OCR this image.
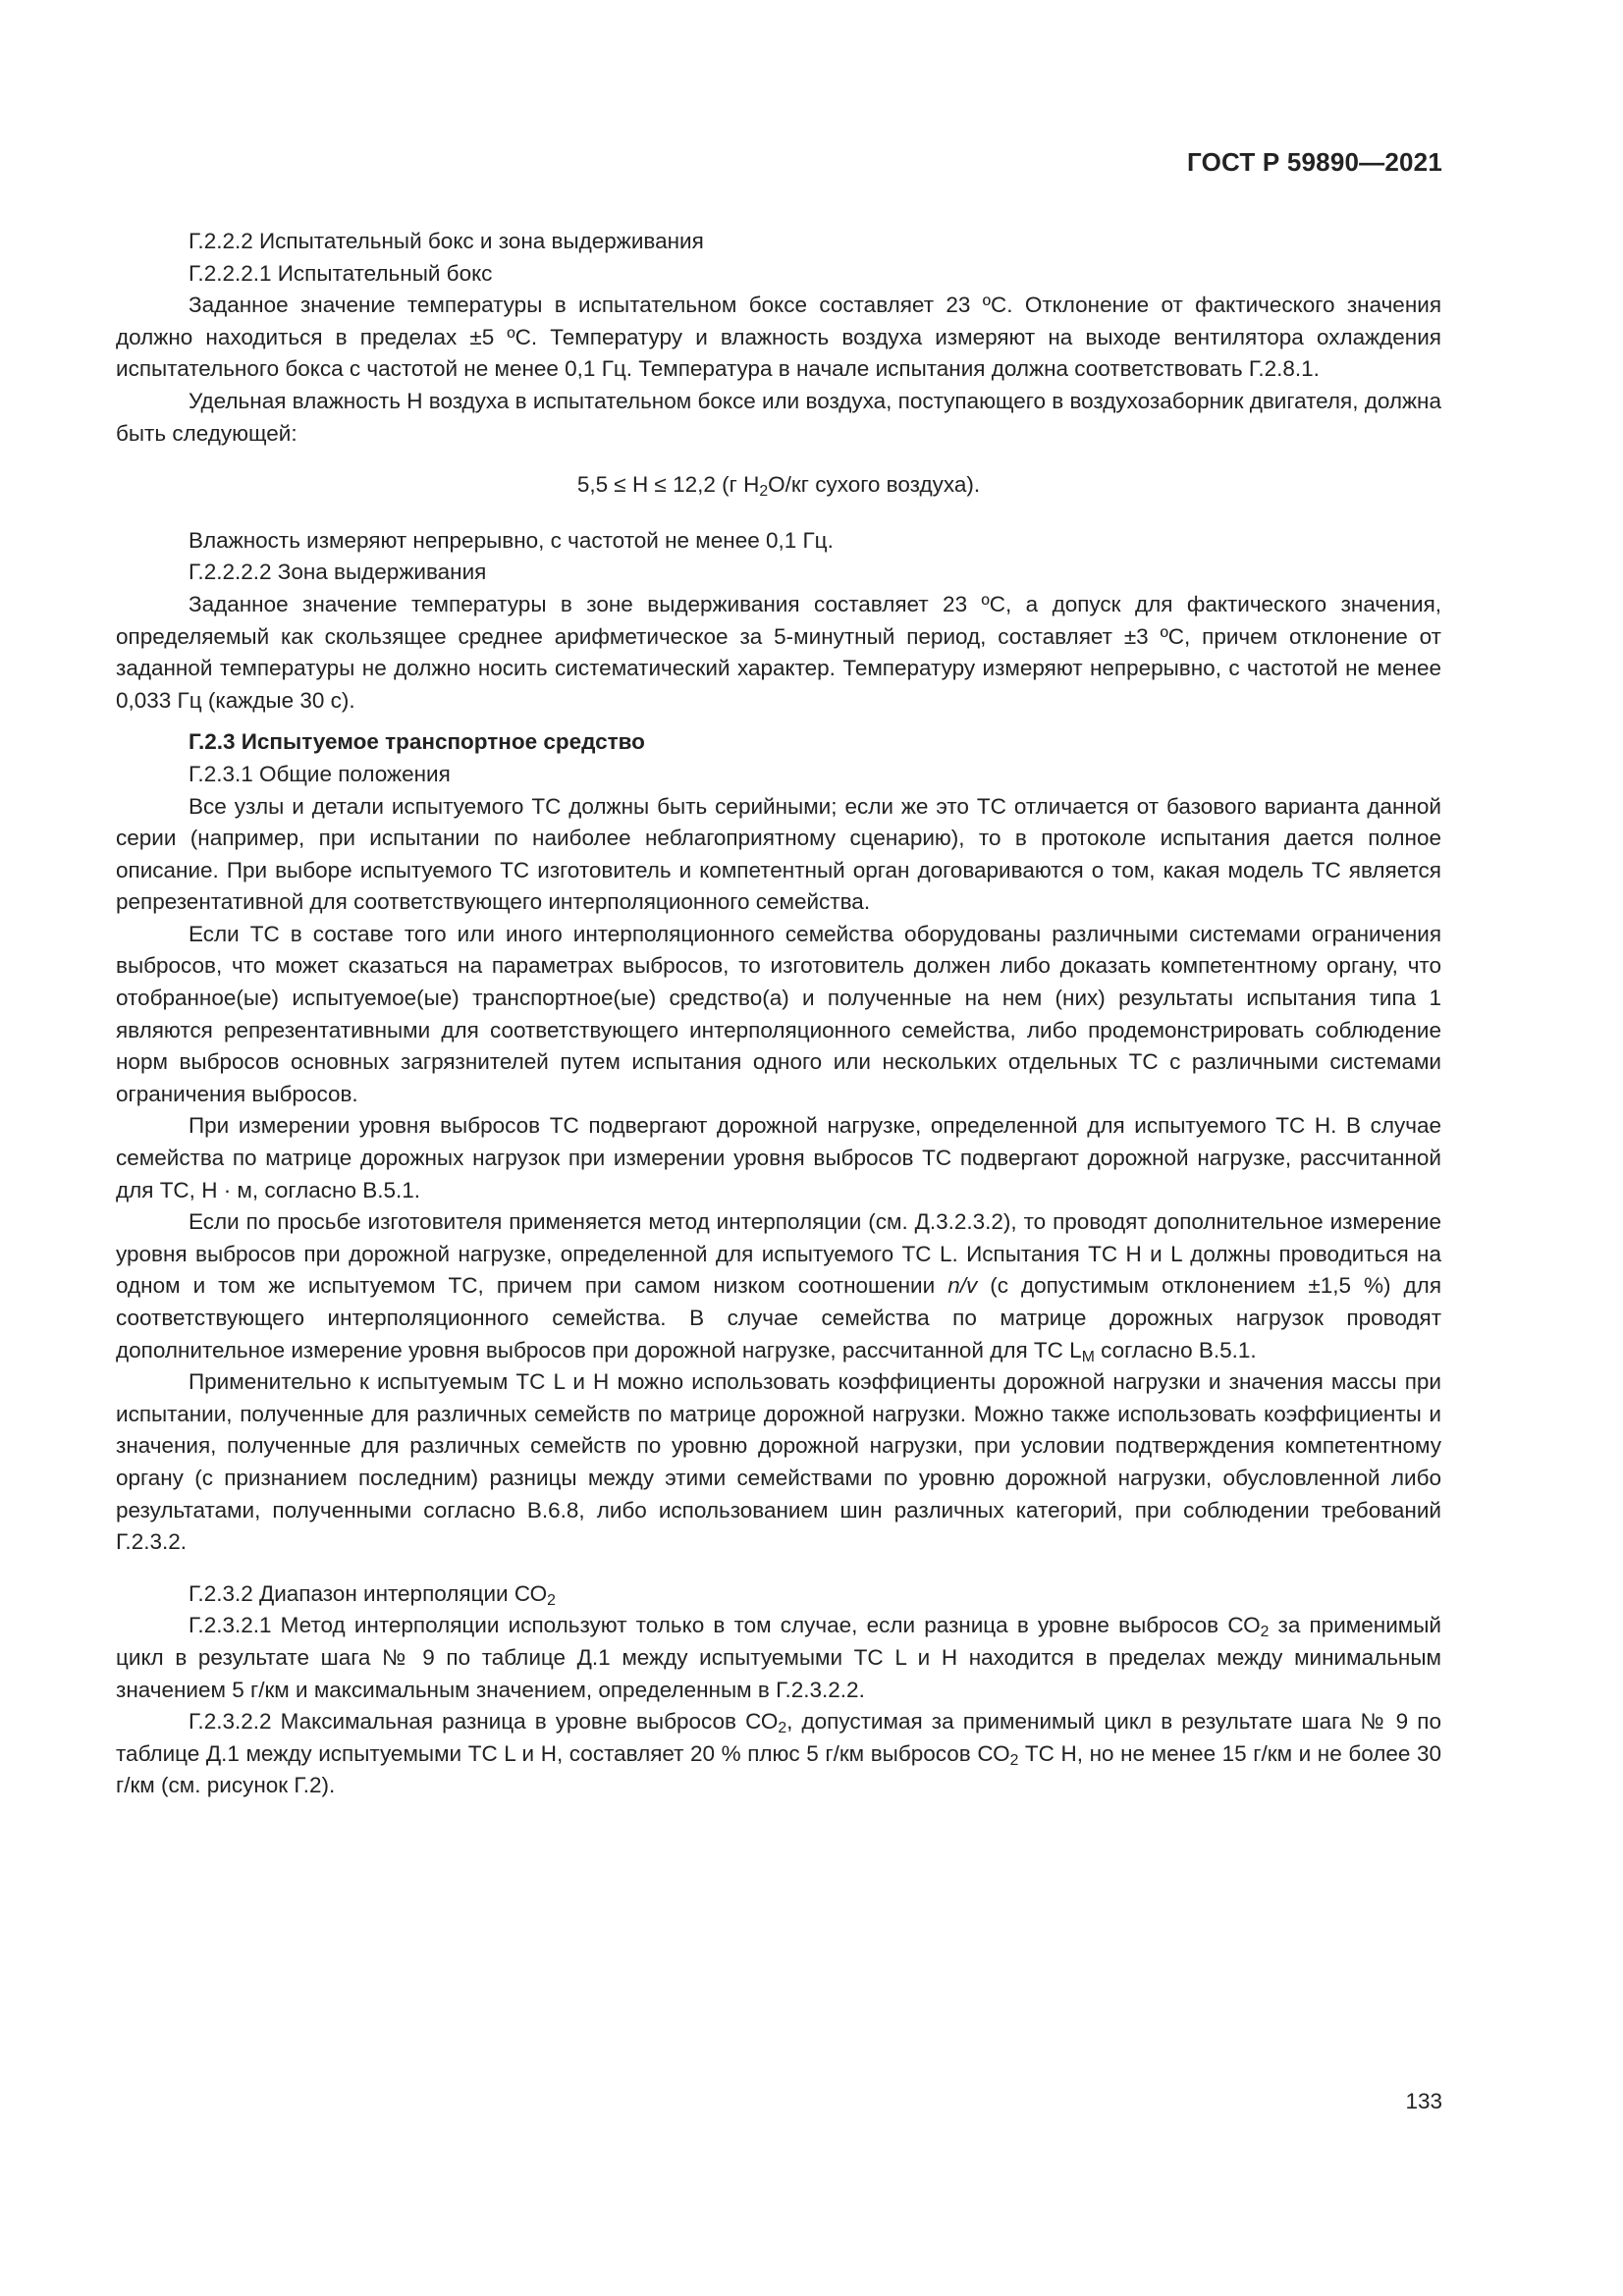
ГОСТ Р 59890—2021

Г.2.2.2 Испытательный бокс и зона выдерживания

Г.2.2.2.1 Испытательный бокс

Заданное значение температуры в испытательном боксе составляет 23 ºС. Отклонение от фактического значения должно находиться в пределах ±5 ºС. Температуру и влажность воздуха измеряют на выходе вентилятора охлаждения испытательного бокса с частотой не менее 0,1 Гц. Температура в начале испытания должна соответствовать Г.2.8.1.

Удельная влажность Н воздуха в испытательном боксе или воздуха, поступающего в воздухозаборник двигателя, должна быть следующей:

5,5 ≤ Н ≤ 12,2 (г $Н_2О/кг$ сухого воздуха).

Влажность измеряют непрерывно, с частотой не менее 0,1 Гц.

Г.2.2.2.2 Зона выдерживания

Заданное значение температуры в зоне выдерживания составляет 23 ºС, а допуск для фактического значения, определяемый как скользящее среднее арифметическое за 5-минутный период, составляет ±3 ºС, причем отклонение от заданной температуры не должно носить систематический характер. Температуру измеряют непрерывно, с частотой не менее 0,033 Гц (каждые 30 с).

Г.2.3 Испытуемое транспортное средство

Г.2.3.1 Общие положения

Все узлы и детали испытуемого ТС должны быть серийными; если же это ТС отличается от базового варианта данной серии (например, при испытании по наиболее неблагоприятному сценарию), то в протоколе испытания дается полное описание. При выборе испытуемого ТС изготовитель и компетентный орган договариваются о том, какая модель ТС является репрезентативной для соответствующего интерполяционного семейства.

Если ТС в составе того или иного интерполяционного семейства оборудованы различными системами ограничения выбросов, что может сказаться на параметрах выбросов, то изготовитель должен либо доказать компетентному органу, что отобранное(ые) испытуемое(ые) транспортное(ые) средство(а) и полученные на нем (них) результаты испытания типа 1 являются репрезентативными для соответствующего интерполяционного семейства, либо продемонстрировать соблюдение норм выбросов основных загрязнителей путем испытания одного или нескольких отдельных ТС с различными системами ограничения выбросов.

При измерении уровня выбросов ТС подвергают дорожной нагрузке, определенной для испытуемого ТС Н. В случае семейства по матрице дорожных нагрузок при измерении уровня выбросов ТС подвергают дорожной нагрузке, рассчитанной для ТС, Н · м, согласно В.5.1.

Если по просьбе изготовителя применяется метод интерполяции (см. Д.3.2.3.2), то проводят дополнительное измерение уровня выбросов при дорожной нагрузке, определенной для испытуемого ТС L. Испытания ТС Н и L должны проводиться на одном и том же испытуемом ТС, причем при самом низком соотношении n/v (с допустимым отклонением ±1,5 %) для соответствующего интерполяционного семейства. В случае семейства по матрице дорожных нагрузок проводят дополнительное измерение уровня выбросов при дорожной нагрузке, рассчитанной для ТС $L_M$ согласно В.5.1.

Применительно к испытуемым ТС L и Н можно использовать коэффициенты дорожной нагрузки и значения массы при испытании, полученные для различных семейств по матрице дорожной нагрузки. Можно также использовать коэффициенты и значения, полученные для различных семейств по уровню дорожной нагрузки, при условии подтверждения компетентному органу (с признанием последним) разницы между этими семействами по уровню дорожной нагрузки, обусловленной либо результатами, полученными согласно В.6.8, либо использованием шин различных категорий, при соблюдении требований Г.2.3.2.

Г.2.3.2 Диапазон интерполяции $СО_2$

Г.2.3.2.1 Метод интерполяции используют только в том случае, если разница в уровне выбросов $СО_2$ за применимый цикл в результате шага № 9 по таблице Д.1 между испытуемыми ТС L и Н находится в пределах между минимальным значением 5 г/км и максимальным значением, определенным в Г.2.3.2.2.

Г.2.3.2.2 Максимальная разница в уровне выбросов $СО_2$, допустимая за применимый цикл в результате шага № 9 по таблице Д.1 между испытуемыми ТС L и Н, составляет 20 % плюс 5 г/км выбросов $СО_2$ ТС Н, но не менее 15 г/км и не более 30 г/км (см. рисунок Г.2).

133
